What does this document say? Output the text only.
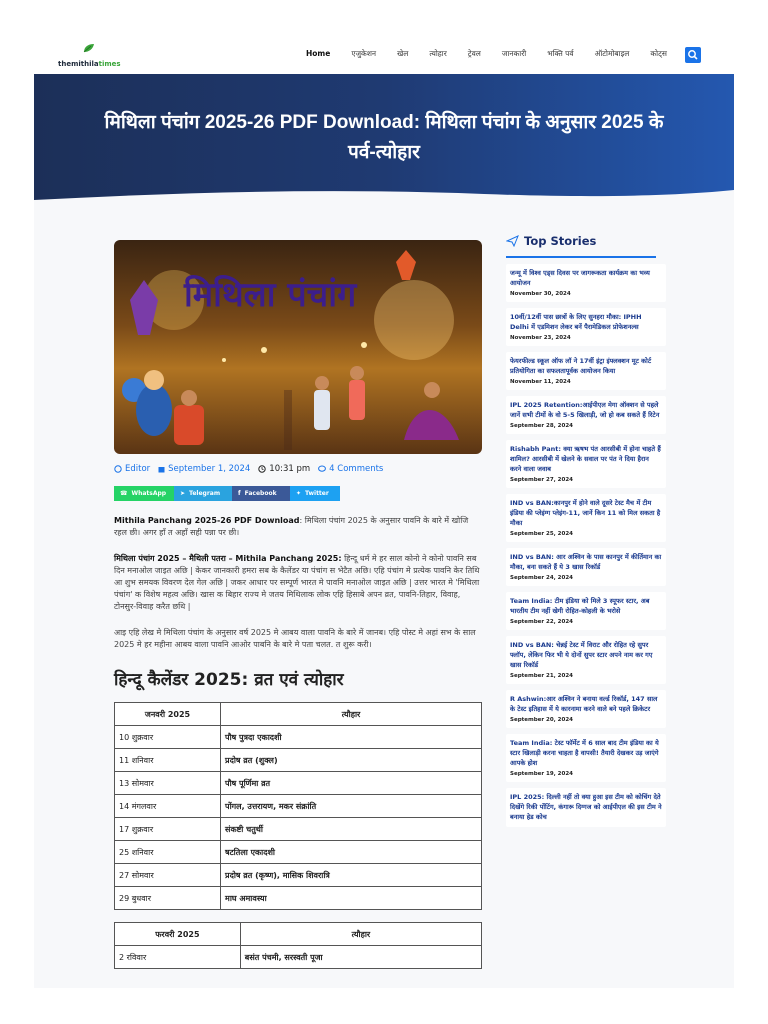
themithilatimes
Home	एजुकेशन	खेल	त्योहार	ट्रेवल	जानकारी	भक्ति पर्व	ऑटोमोबाइल	कोट्स
मिथिला पंचांग 2025-26 PDF Download: मिथिला पंचांग के अनुसार 2025 के पर्व-त्योहार
मिथिला पंचांग
Editor September 1, 2024 10:31 pm 4 Comments
☎ WhatsApp ➤ Telegram	f Facebook	✦ Twitter

Mithila Panchang 2025-26 PDF Download: मिथिला पंचांग 2025 के अनुसार पावनि के बारे में खोजि रहल छी। अगर हाँ त अहाँ सही पन्ना पर छी।

मिथिला पंचांग 2025 – मैथिली पतरा – Mithila Panchang 2025: हिन्दू धर्म मे हर साल कोनो ने कोनो पावनि सब दिन मनाओल जाइत अछि | केकर जानकारी हमरा सब के कैलेंडर या पंचांग स भेटैत अछि। एहि पंचांग मे प्रत्येक पावनि केर तिथि आ शुभ समयक विवरण देल गेल अछि | जकर आधार पर सम्पूर्ण भारत मे पावनि मनाओल जाइत अछि | उत्तर भारत मे 'मिथिला पंचांग' क विशेष महत्व अछि। खास क बिहार राज्य मे जतय मिथिलाक लोक एहि हिसाबे अपन व्रत, पावनि-तिहार, विवाह, टोनसुर-विवाह करैत छथि |

आइ एहि लेख मे मिथिला पंचांग के अनुसार वर्ष 2025 मे आबय वाला पावनि के बारे में जानब। एहि पोस्ट मे अहां सभ के साल 2025 मे हर महीना आबय वाला पावनि आओर पाबनि के बारे मे पता चलत. त शुरू करी।

हिन्दू कैलेंडर 2025: व्रत एवं त्योहार
जनवरी 2025	त्यौहार
10 शुक्रवार	पौष पुत्रदा एकादशी
11 शनिवार	प्रदोष व्रत (शुक्ल)
13 सोमवार	पौष पूर्णिमा व्रत
14 मंगलवार	पोंगल, उत्तरायण, मकर संक्रांति
17 शुक्रवार	संकष्टी चतुर्थी
25 शनिवार	षटतिला एकादशी
27 सोमवार	प्रदोष व्रत (कृष्ण), मासिक शिवरात्रि
29 बुधवार	माघ अमावस्या
फरवरी 2025	त्यौहार
2 रविवार	बसंत पंचमी, सरस्वती पूजा
Top Stories
जन्मू में विश्व एड्स दिवस पर जागरूकता कार्यक्रम का भव्य आयोजन
November 30, 2024
10वीं/12वीं पास छात्रों के लिए सुनहरा मौका: IPHH Delhi में एडमिशन लेकर बनें पैरामेडिकल प्रोफेशनल्स
November 23, 2024
फेयरफील्ड स्कूल ऑफ लॉ ने 17वीं इंट्रा इंफ्लक्शन मूट कोर्ट प्रतियोगिता का सफलतापूर्वक आयोजन किया
November 11, 2024
IPL 2025 Retention:आईपीएल मेगा ऑक्शन से पहले जानें सभी टीमों के वो 5-5 खिलाड़ी, जो हो कब सकते हैं रिटेन
September 28, 2024
Rishabh Pant: क्या ऋषभ पंत आरसीबी में होना चाहते हैं शामिल? आरसीबी में खेलने के सवाल पर पंत ने दिया हैरान करने वाला जवाब
September 27, 2024
IND vs BAN:कानपुर में होने वाले दूसरे टेस्ट मैच में टीम इंडिया की प्लेइंग्ग प्लेइंग-11, जानें किन 11 को मिल सकता है मौका
September 25, 2024
IND vs BAN: आर अश्विन के पास कानपुर में कीर्तिमान का मौका, बना सकते हैं ये 3 खास रिकॉर्ड
September 24, 2024
Team India: टीम इंडिया को मिले 3 स्पूफर स्टार, अब भारतीय टीम नहीं खेगी रोहित-कोहली के भरोसे
September 22, 2024
IND vs BAN: चेन्नई टेस्ट में विराट और रोहित रहे सुपर फ्लॉप, लेकिन फिर भी ये दोनों सुपर स्टार अपने नाम कर गए खास रिकॉर्ड
September 21, 2024
R Ashwin:आर अश्विन ने बनाया वर्ल्ड रिकॉर्ड, 147 साल के टेस्ट इतिहास में ये कारनामा करने वाले बने पहले क्रिकेटर
September 20, 2024
Team India: टेस्ट फॉर्मेट में 6 साल बाद टीम इंडिया का ये स्टार खिलाड़ी करना चाहता है वापसी! तैयारी देखकर उड़ जाएंगे आपके होश
September 19, 2024
IPL 2025: दिल्ली नहीं तो क्या हुआ इस टीम को कोचिंग देते दिखेंगे रिकी पोंटिंग, कंगारू दिग्गज को आईपीएल की इस टीम ने बनाया हेड कोच
